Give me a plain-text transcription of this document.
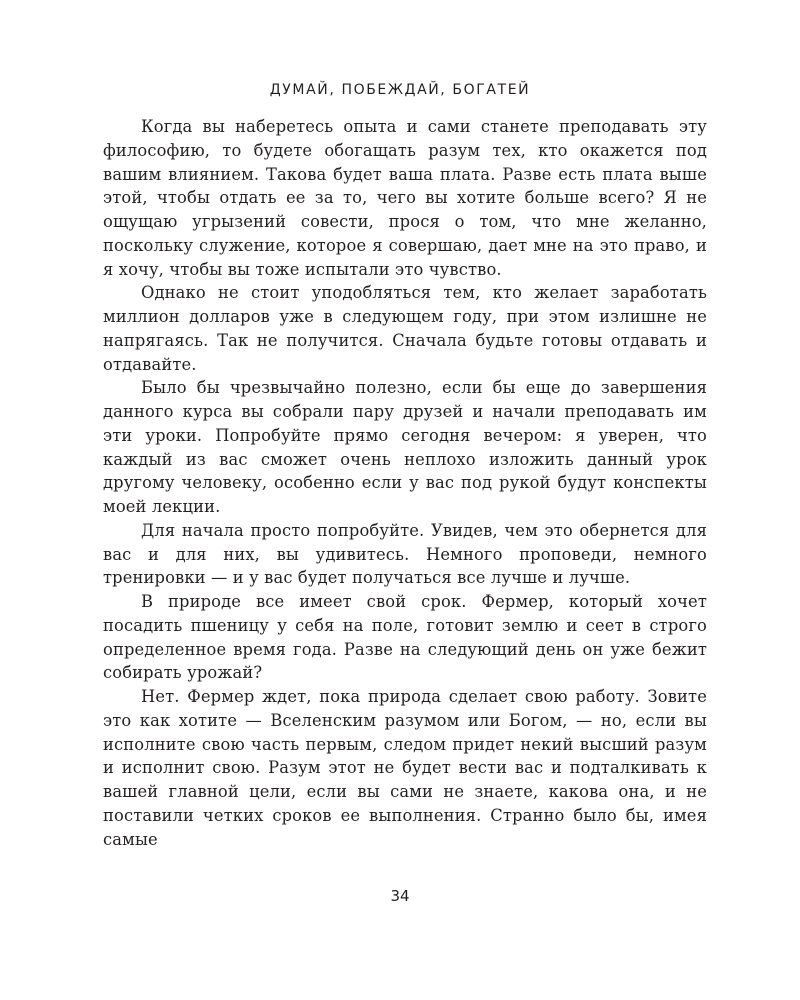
ДУМАЙ, ПОБЕЖДАЙ, БОГАТЕЙ

Когда вы наберетесь опыта и сами станете преподавать эту философию, то будете обогащать разум тех, кто окажется под вашим влиянием. Такова будет ваша плата. Разве есть плата выше этой, чтобы отдать ее за то, чего вы хотите больше всего? Я не ощущаю угрызений совести, прося о том, что мне желанно, поскольку служение, которое я совершаю, дает мне на это право, и я хочу, чтобы вы тоже испытали это чувство.

Однако не стоит уподобляться тем, кто желает заработать миллион долларов уже в следующем году, при этом излишне не напрягаясь. Так не получится. Сначала будьте готовы отдавать и отдавайте.

Было бы чрезвычайно полезно, если бы еще до завершения данного курса вы собрали пару друзей и начали преподавать им эти уроки. Попробуйте прямо сегодня вечером: я уверен, что каждый из вас сможет очень неплохо изложить данный урок другому человеку, особенно если у вас под рукой будут конспекты моей лекции.

Для начала просто попробуйте. Увидев, чем это обернется для вас и для них, вы удивитесь. Немного проповеди, немного тренировки — и у вас будет получаться все лучше и лучше.

В природе все имеет свой срок. Фермер, который хочет посадить пшеницу у себя на поле, готовит землю и сеет в строго определенное время года. Разве на следующий день он уже бежит собирать урожай?

Нет. Фермер ждет, пока природа сделает свою работу. Зовите это как хотите — Вселенским разумом или Богом, — но, если вы исполните свою часть первым, следом придет некий высший разум и исполнит свою. Разум этот не будет вести вас и подталкивать к вашей главной цели, если вы сами не знаете, какова она, и не поставили четких сроков ее выполнения. Странно было бы, имея самые

34
